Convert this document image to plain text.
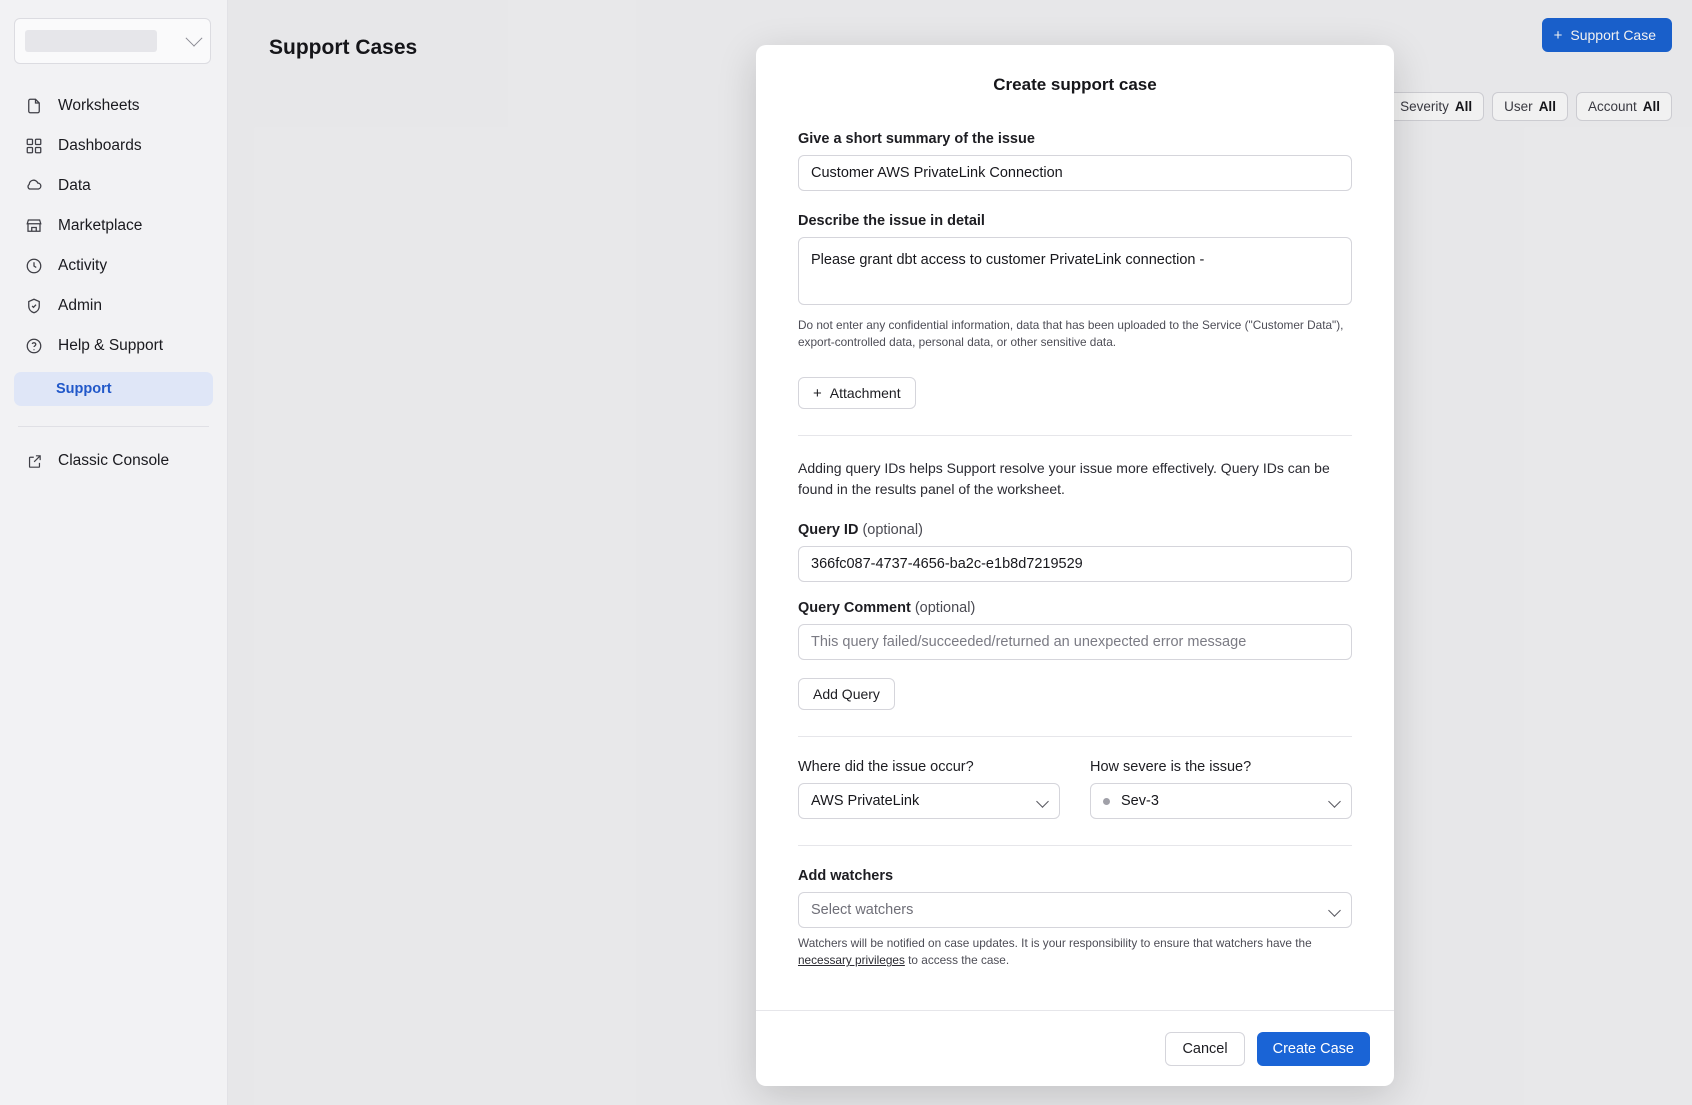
Worksheets
Dashboards
Data
Marketplace
Activity
Admin
Help & Support
Support
Classic Console
Support Cases
+ Support Case
Severity All User All Account All
Create support case
Give a short summary of the issue
Customer AWS PrivateLink Connection
Describe the issue in detail
Please grant dbt access to customer PrivateLink connection - Snowflake Account Name: example.us-east-1.privatelink
Do not enter any confidential information, data that has been uploaded to the Service ("Customer Data"), export-controlled data, personal data, or other sensitive data.
+ Attachment
Adding query IDs helps Support resolve your issue more effectively. Query IDs can be found in the results panel of the worksheet.
Query ID (optional)
366fc087-4737-4656-ba2c-e1b8d7219529
Query Comment (optional)
This query failed/succeeded/returned an unexpected error message
Add Query
Where did the issue occur?
AWS PrivateLink
How severe is the issue?
Sev-3
Add watchers
Select watchers
Watchers will be notified on case updates. It is your responsibility to ensure that watchers have the necessary privileges to access the case.
Cancel	Create Case
